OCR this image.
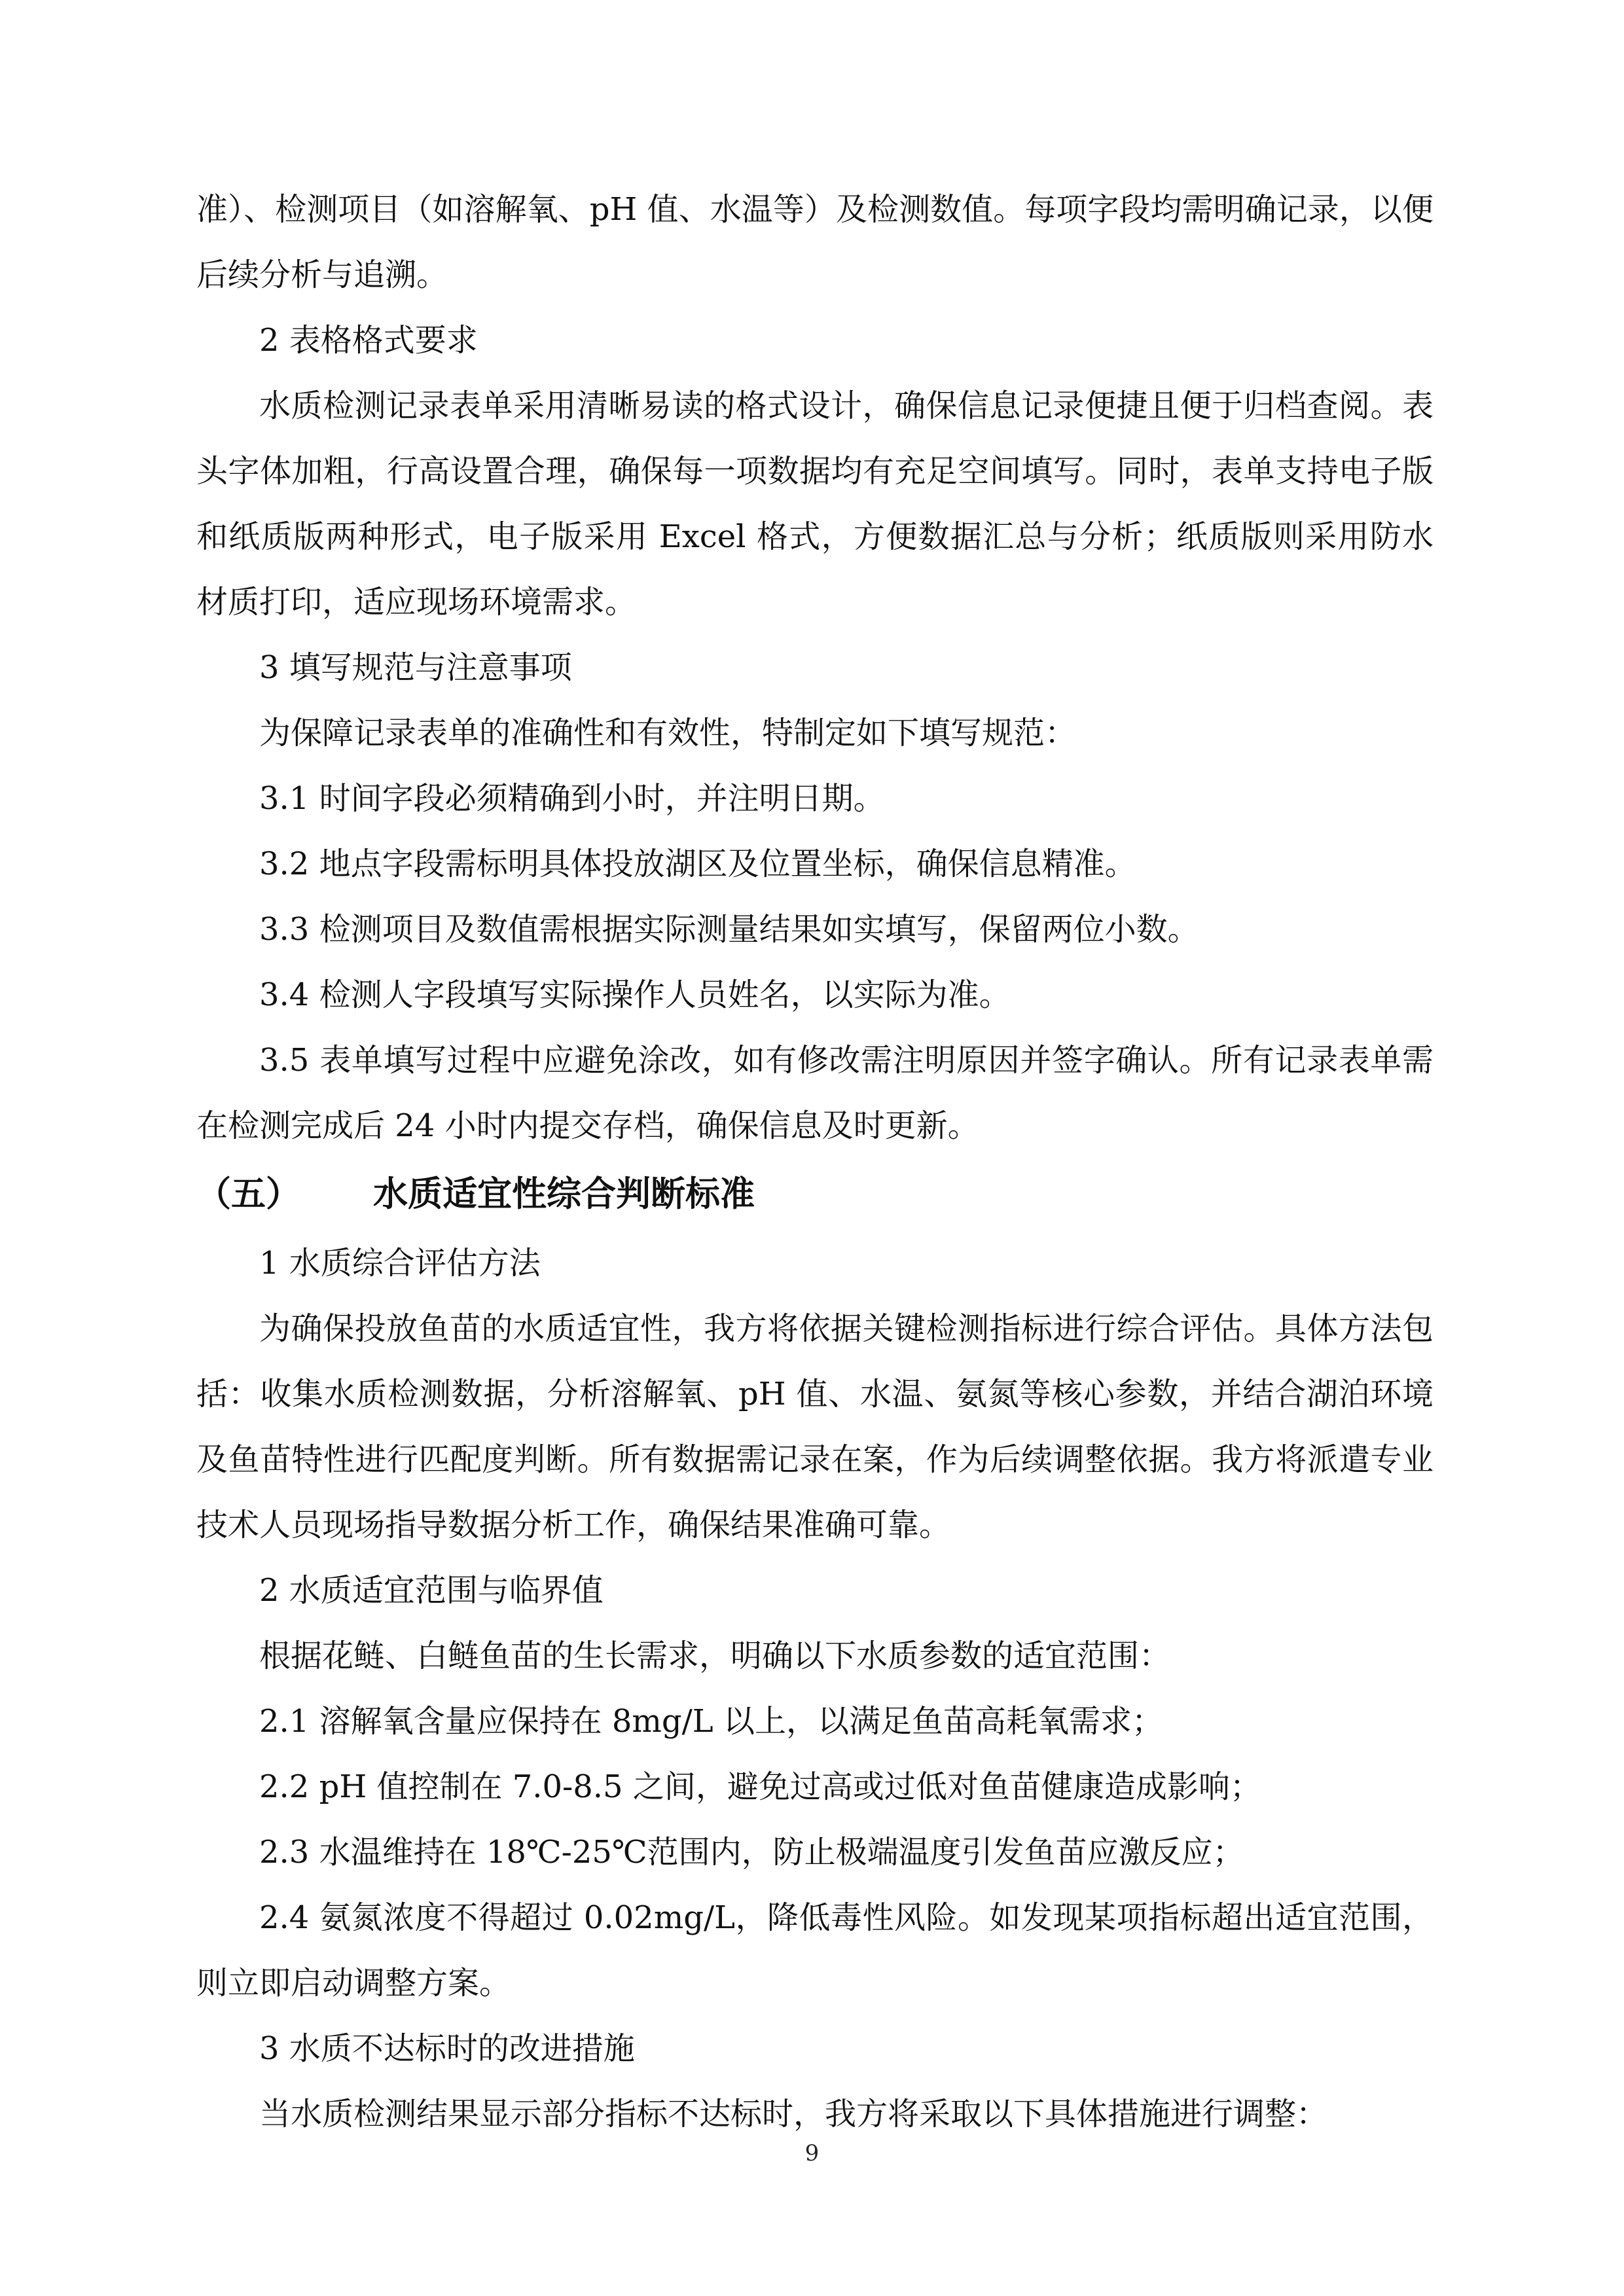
准）、检测项目（如溶解氧、pH 值、水温等）及检测数值。每项字段均需明确记录，以便后续分析与追溯。

2 表格格式要求

水质检测记录表单采用清晰易读的格式设计，确保信息记录便捷且便于归档查阅。表头字体加粗，行高设置合理，确保每一项数据均有充足空间填写。同时，表单支持电子版和纸质版两种形式，电子版采用 Excel 格式，方便数据汇总与分析；纸质版则采用防水材质打印，适应现场环境需求。

3 填写规范与注意事项

为保障记录表单的准确性和有效性，特制定如下填写规范：

3.1 时间字段必须精确到小时，并注明日期。

3.2 地点字段需标明具体投放湖区及位置坐标，确保信息精准。

3.3 检测项目及数值需根据实际测量结果如实填写，保留两位小数。

3.4 检测人字段填写实际操作人员姓名，以实际为准。

3.5 表单填写过程中应避免涂改，如有修改需注明原因并签字确认。所有记录表单需在检测完成后 24 小时内提交存档，确保信息及时更新。

（五） 水质适宜性综合判断标准

1 水质综合评估方法

为确保投放鱼苗的水质适宜性，我方将依据关键检测指标进行综合评估。具体方法包括：收集水质检测数据，分析溶解氧、pH 值、水温、氨氮等核心参数，并结合湖泊环境及鱼苗特性进行匹配度判断。所有数据需记录在案，作为后续调整依据。我方将派遣专业技术人员现场指导数据分析工作，确保结果准确可靠。

2 水质适宜范围与临界值

根据花鲢、白鲢鱼苗的生长需求，明确以下水质参数的适宜范围：

2.1 溶解氧含量应保持在 8mg/L 以上，以满足鱼苗高耗氧需求；

2.2 pH 值控制在 7.0-8.5 之间，避免过高或过低对鱼苗健康造成影响；

2.3 水温维持在 18℃-25℃范围内，防止极端温度引发鱼苗应激反应；

2.4 氨氮浓度不得超过 0.02mg/L，降低毒性风险。如发现某项指标超出适宜范围，则立即启动调整方案。

3 水质不达标时的改进措施

当水质检测结果显示部分指标不达标时，我方将采取以下具体措施进行调整：

9
